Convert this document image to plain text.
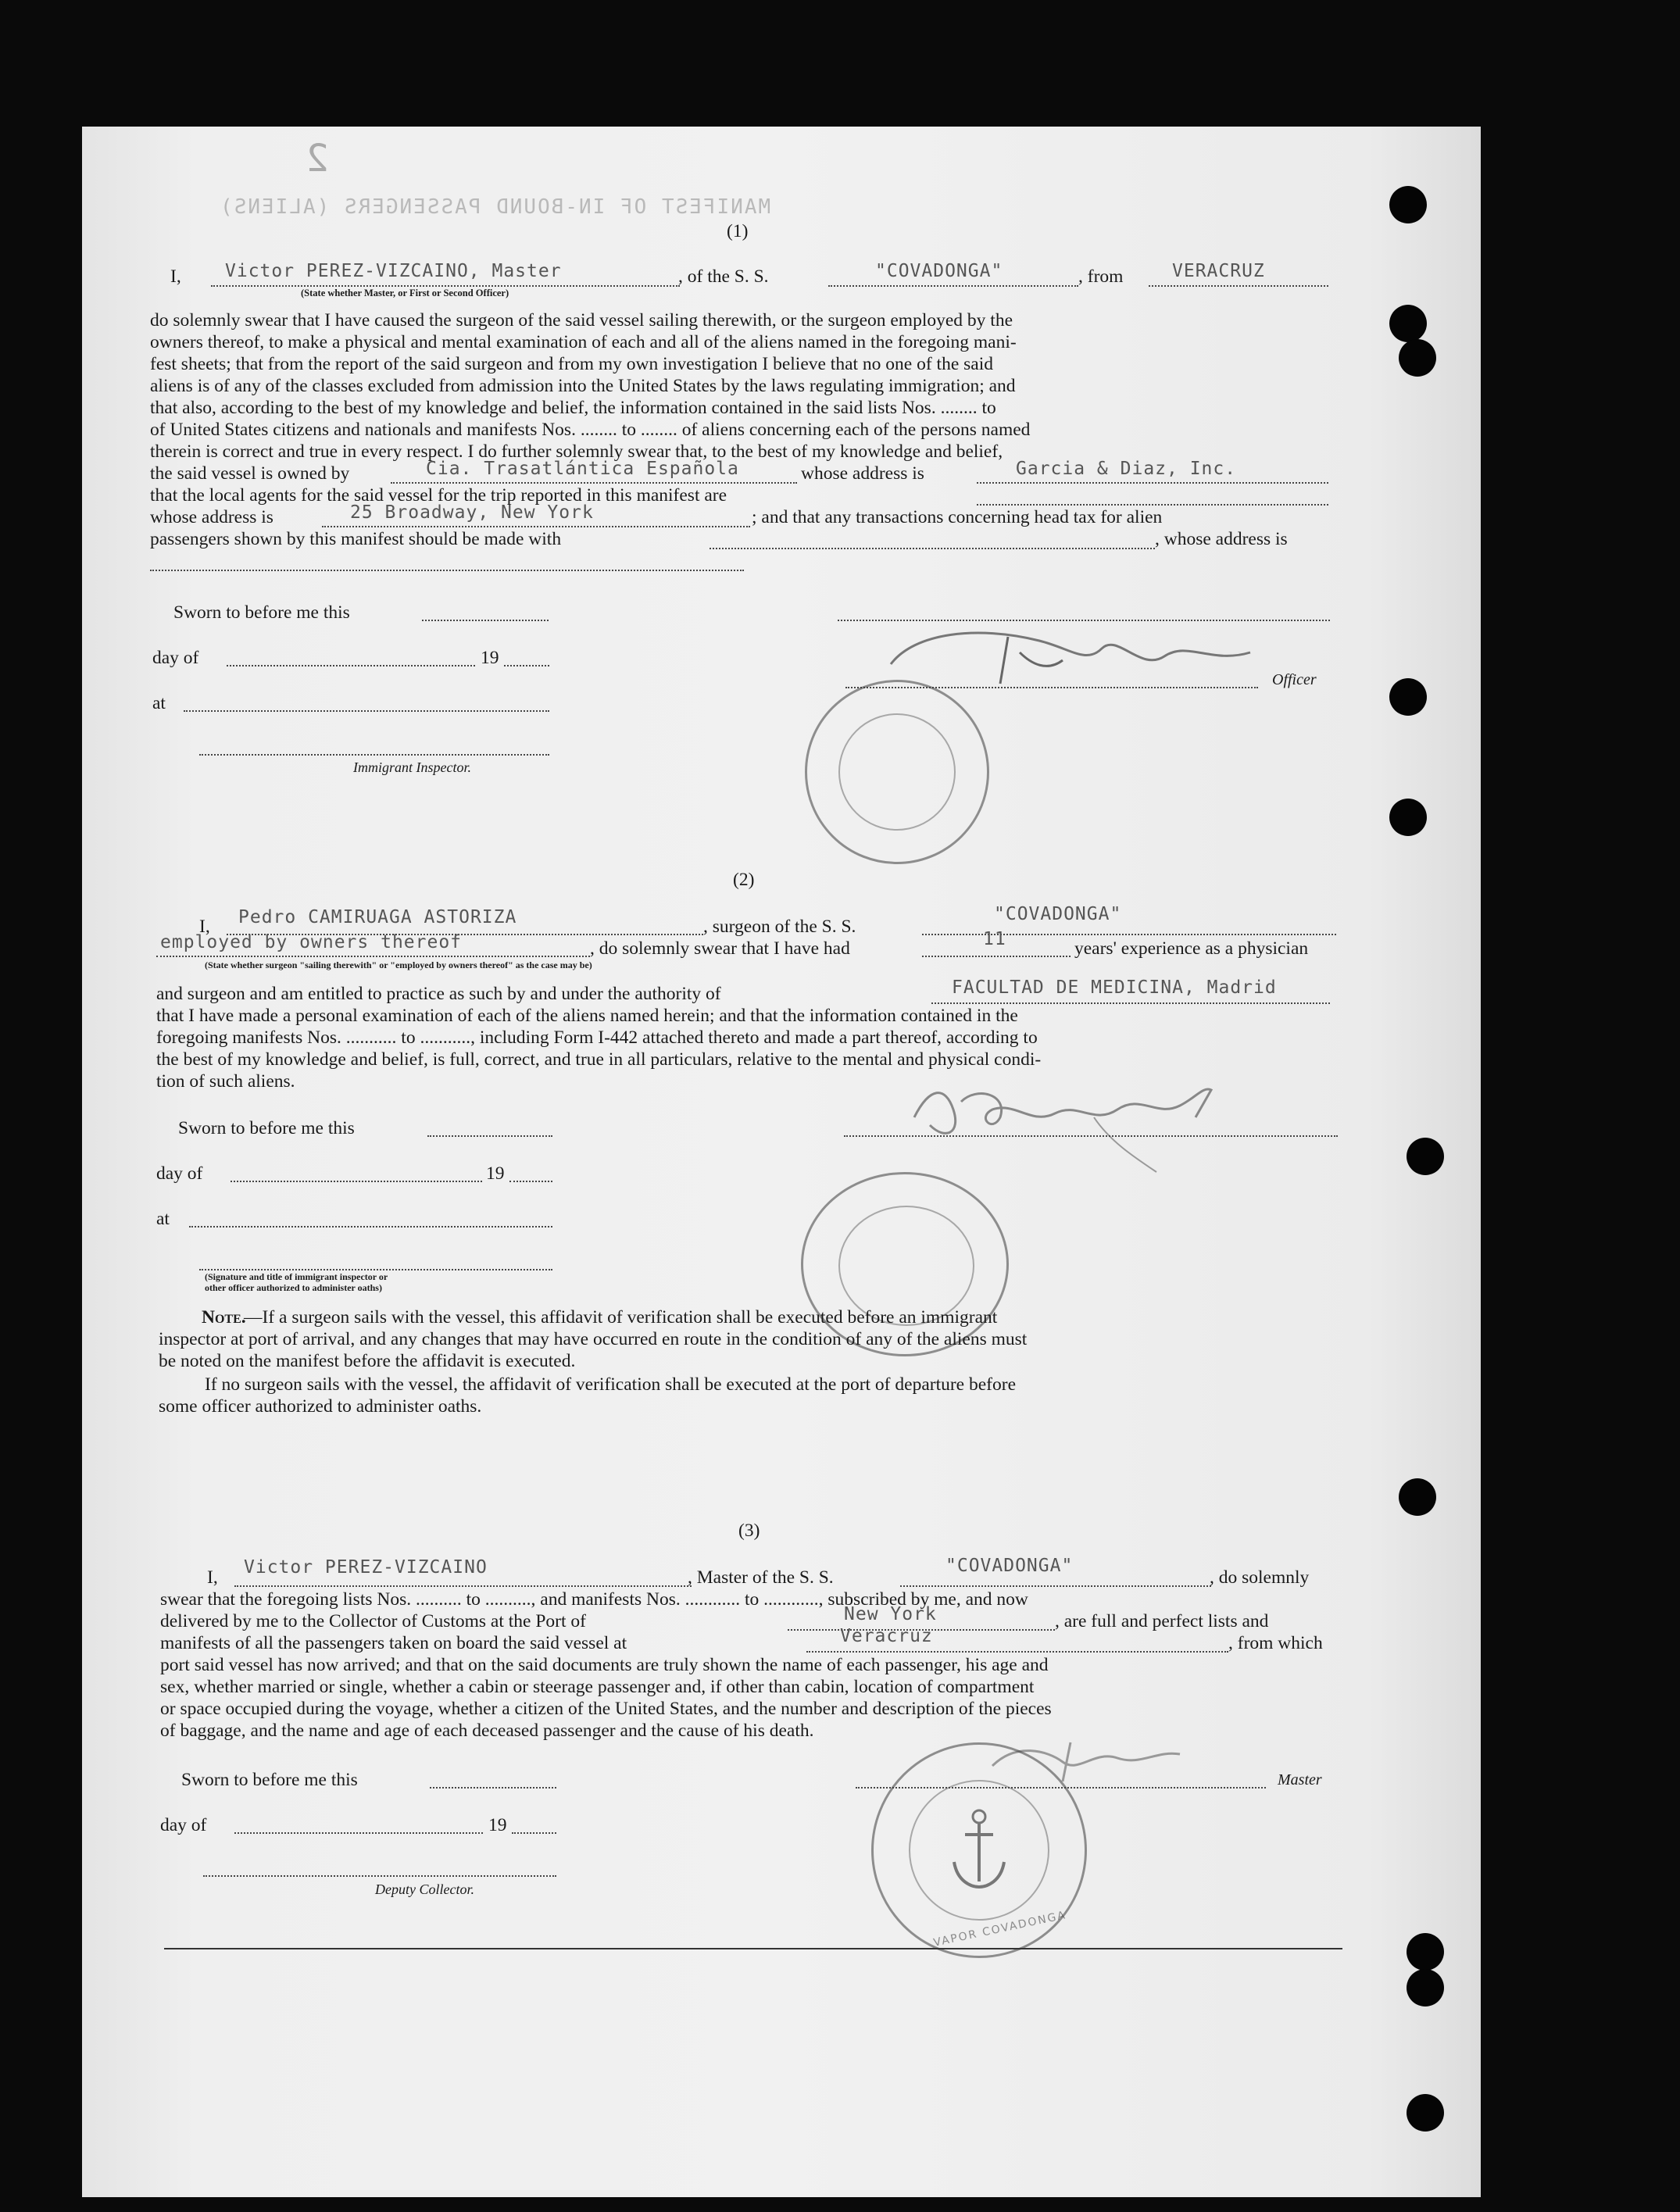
MANIFEST OF IN-BOUND PASSENGERS (ALIENS)
2
(1)
I, Victor PEREZ-VIZCAINO, Master	, of the S. S.	"COVADONGA"	, from	VERACRUZ
(State whether Master, or First or Second Officer)
do solemnly swear that I have caused the surgeon of the said vessel sailing therewith, or the surgeon employed by the
owners thereof, to make a physical and mental examination of each and all of the aliens named in the foregoing mani-
fest sheets; that from the report of the said surgeon and from my own investigation I believe that no one of the said
aliens is of any of the classes excluded from admission into the United States by the laws regulating immigration; and
that also, according to the best of my knowledge and belief, the information contained in the said lists Nos. ........ to
of United States citizens and nationals and manifests Nos. ........ to ........ of aliens concerning each of the persons named
therein is correct and true in every respect. I do further solemnly swear that, to the best of my knowledge and belief,
the said vessel is owned by	Cia. Trasatlántica Española	whose address is	Garcia & Diaz, Inc.
that the local agents for the said vessel for the trip reported in this manifest are
whose address is	25 Broadway, New York	; and that any transactions concerning head tax for alien
passengers shown by this manifest should be made with	, whose address is
Sworn to before me this
day of	19
at
Immigrant Inspector.
Officer
(2)
I, Pedro CAMIRUAGA ASTORIZA	, surgeon of the S. S.
"COVADONGA"
employed by owners thereof	, do solemnly swear that I have had	11	years' experience as a physician
(State whether surgeon "sailing therewith" or "employed by owners thereof" as the case may be)
and surgeon and am entitled to practice as such by and under the authority of	FACULTAD DE MEDICINA, Madrid
that I have made a personal examination of each of the aliens named herein; and that the information contained in the
foregoing manifests Nos. ........... to ..........., including Form I-442 attached thereto and made a part thereof, according to
the best of my knowledge and belief, is full, correct, and true in all particulars, relative to the mental and physical condi-
tion of such aliens.
Sworn to before me this
day of	19
at
(Signature and title of immigrant inspector or
other officer authorized to administer oaths)
Note.
—If a surgeon sails with the vessel, this affidavit of verification shall be executed before an immigrant
inspector at port of arrival, and any changes that may have occurred en route in the condition of any of the aliens must
be noted on the manifest before the affidavit is executed.
If no surgeon sails with the vessel, the affidavit of verification shall be executed at the port of departure before
some officer authorized to administer oaths.
(3)
I, Victor PEREZ-VIZCAINO	, Master of the S. S.
"COVADONGA"
, do solemnly
swear that the foregoing lists Nos. .......... to .........., and manifests Nos. ............ to ............, subscribed by me, and now
delivered by me to the Collector of Customs at the Port of	New York	, are full and perfect lists and
manifests of all the passengers taken on board the said vessel at	Veracruz	, from which
port said vessel has now arrived; and that on the said documents are truly shown the name of each passenger, his age and
sex, whether married or single, whether a cabin or steerage passenger and, if other than cabin, location of compartment
or space occupied during the voyage, whether a citizen of the United States, and the number and description of the pieces
of baggage, and the name and age of each deceased passenger and the cause of his death.
Sworn to before me this
day of	19
Deputy Collector.
Master
VAPOR COVADONGA
